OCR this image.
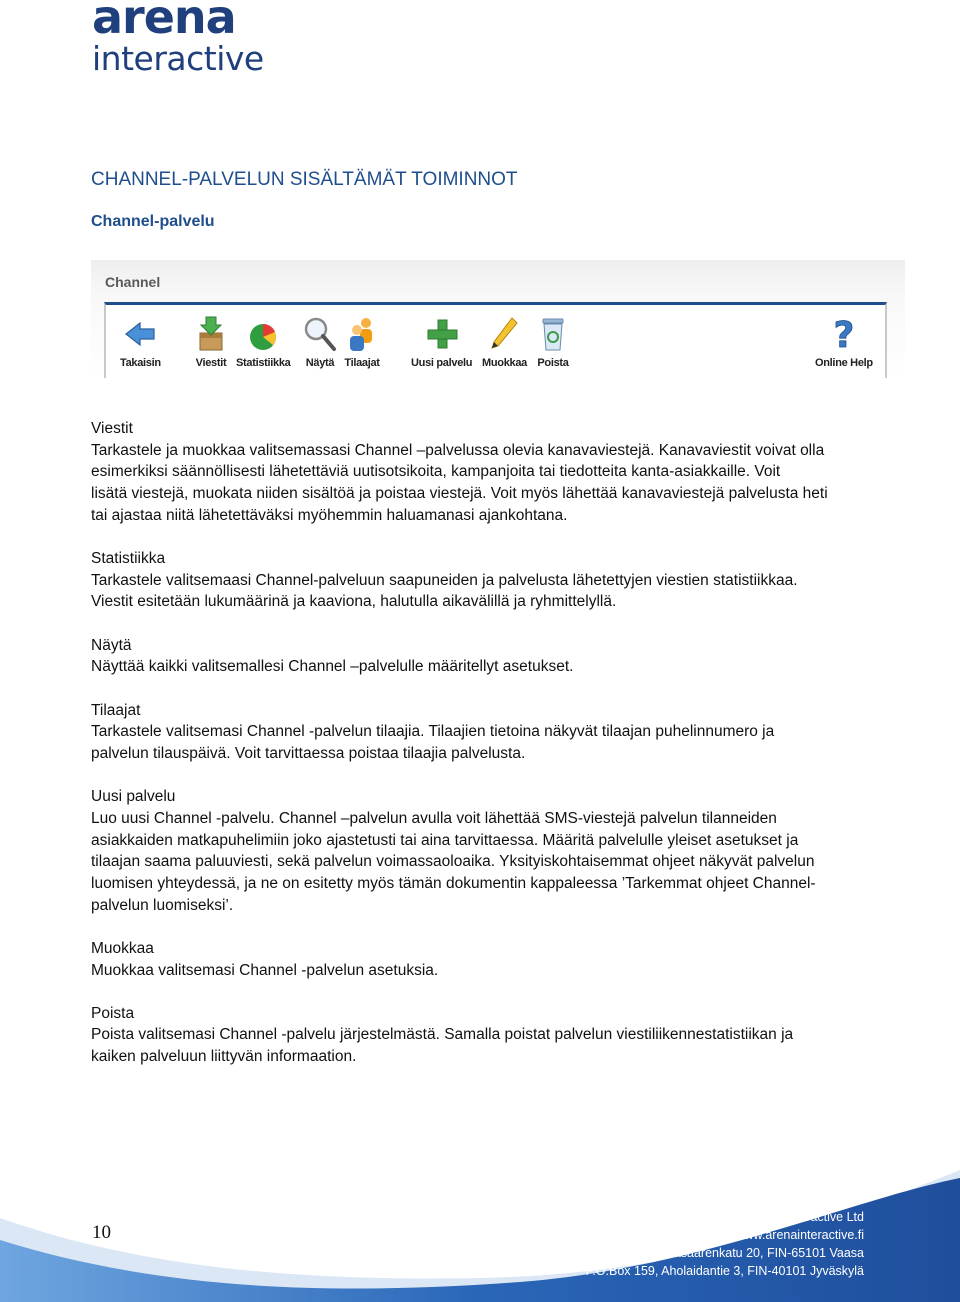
arena
interactive
CHANNEL-PALVELUN SISÄLTÄMÄT TOIMINNOT
Channel-palvelu
Channel
Takaisin	Viestit Statistiikka Näytä Tilaajat	Uusi palvelu Muokkaa Poista
?
Online Help
Viestit
Tarkastele ja muokkaa valitsemassasi Channel –palvelussa olevia kanavaviestejä. Kanavaviestit voivat olla
esimerkiksi säännöllisesti lähetettäviä uutisotsikoita, kampanjoita tai tiedotteita kanta-asiakkaille. Voit
lisätä viestejä, muokata niiden sisältöä ja poistaa viestejä. Voit myös lähettää kanavaviestejä palvelusta heti
tai ajastaa niitä lähetettäväksi myöhemmin haluamanasi ajankohtana.
Statistiikka
Tarkastele valitsemaasi Channel-palveluun saapuneiden ja palvelusta lähetettyjen viestien statistiikkaa.
Viestit esitetään lukumäärinä ja kaaviona, halutulla aikavälillä ja ryhmittelyllä.
Näytä
Näyttää kaikki valitsemallesi Channel –palvelulle määritellyt asetukset.
Tilaajat
Tarkastele valitsemasi Channel -palvelun tilaajia. Tilaajien tietoina näkyvät tilaajan puhelinnumero ja
palvelun tilauspäivä. Voit tarvittaessa poistaa tilaajia palvelusta.
Uusi palvelu
Luo uusi Channel -palvelu. Channel –palvelun avulla voit lähettää SMS-viestejä palvelun tilanneiden
asiakkaiden matkapuhelimiin joko ajastetusti tai aina tarvittaessa. Määritä palvelulle yleiset asetukset ja
tilaajan saama paluuviesti, sekä palvelun voimassaoloaika. Yksityiskohtaisemmat ohjeet näkyvät palvelun
luomisen yhteydessä, ja ne on esitetty myös tämän dokumentin kappaleessa ’Tarkemmat ohjeet Channel-
palvelun luomiseksi’.
Muokkaa
Muokkaa valitsemasi Channel -palvelun asetuksia.
Poista
Poista valitsemasi Channel -palvelu järjestelmästä. Samalla poistat palvelun viestiliikennestatistiikan ja
kaiken palveluun liittyvän informaation.
10
Arena Interactive Ltd
www.arenainteractive.fi
P.O.Box 52, Hietasaarenkatu 20, FIN-65101 Vaasa
P.O.Box 159, Aholaidantie 3, FIN-40101 Jyväskylä
